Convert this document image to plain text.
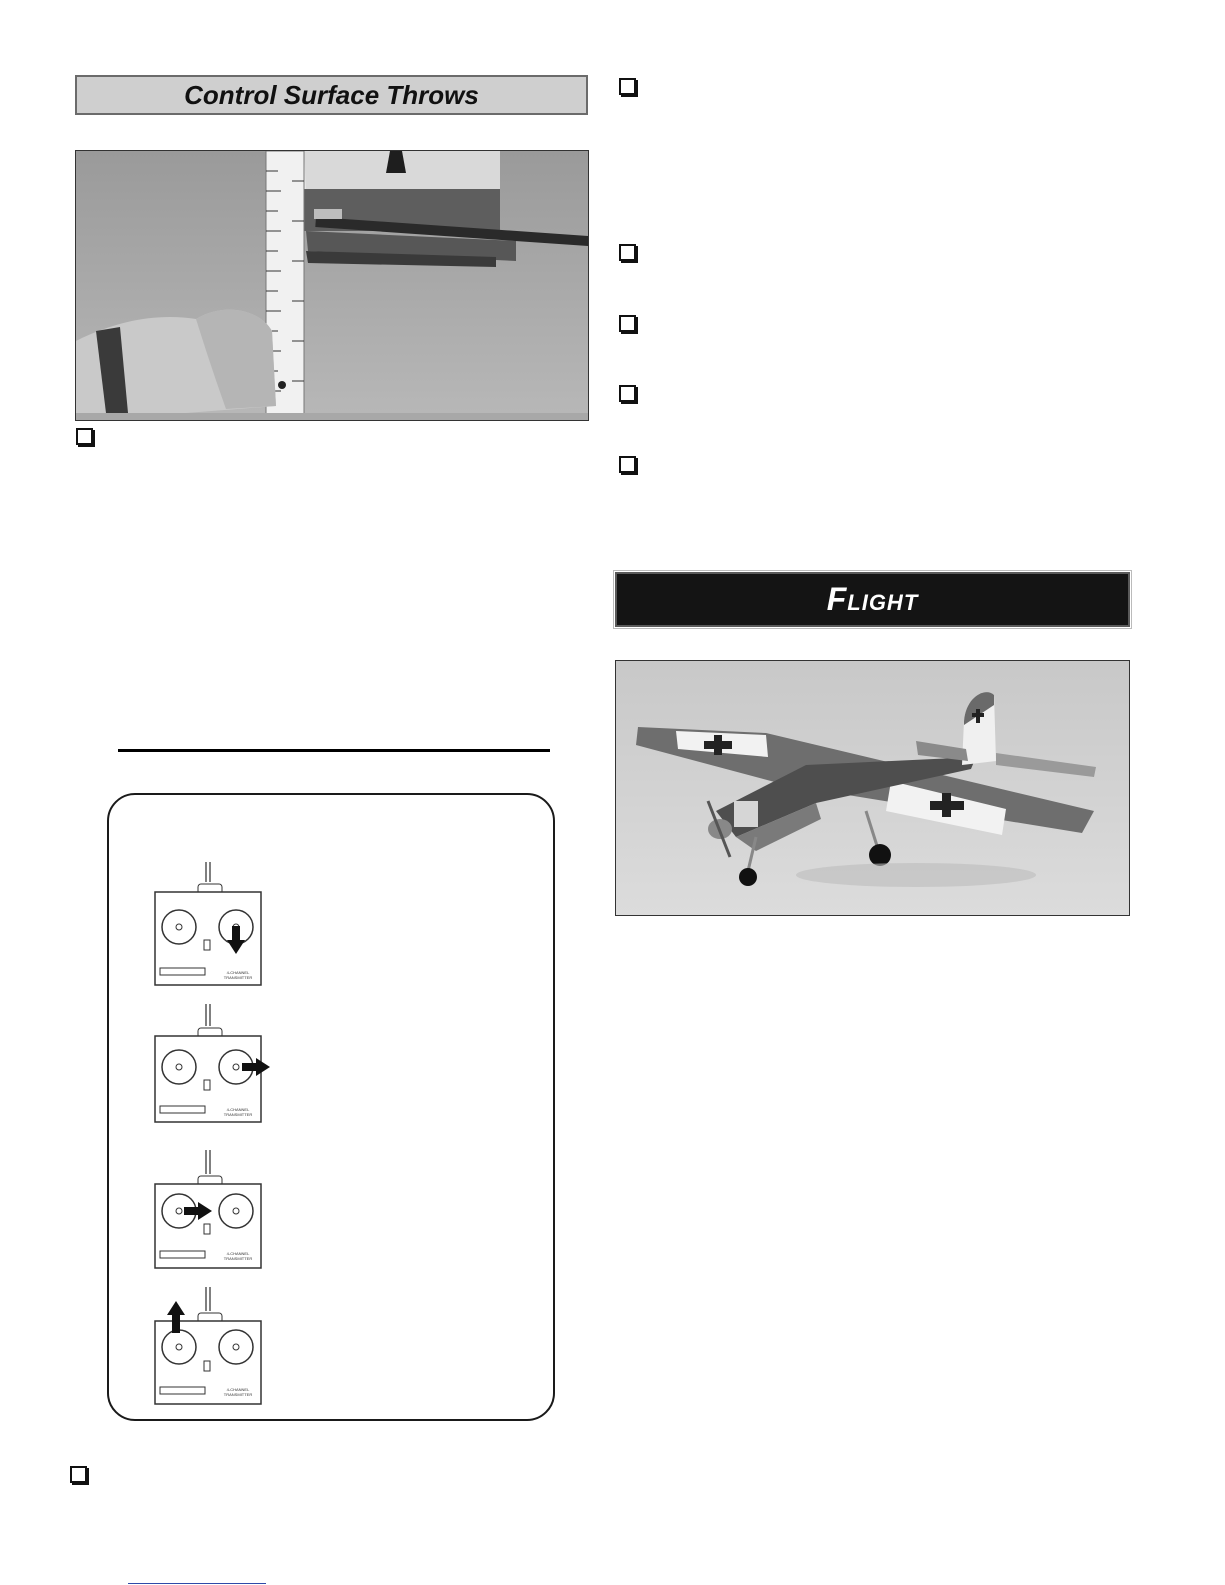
Control Surface Throws
4-CHANNEL TRANSMITTER
4-CHANNEL TRANSMITTER
4-CHANNEL TRANSMITTER
4-CHANNEL TRANSMITTER
Flight
